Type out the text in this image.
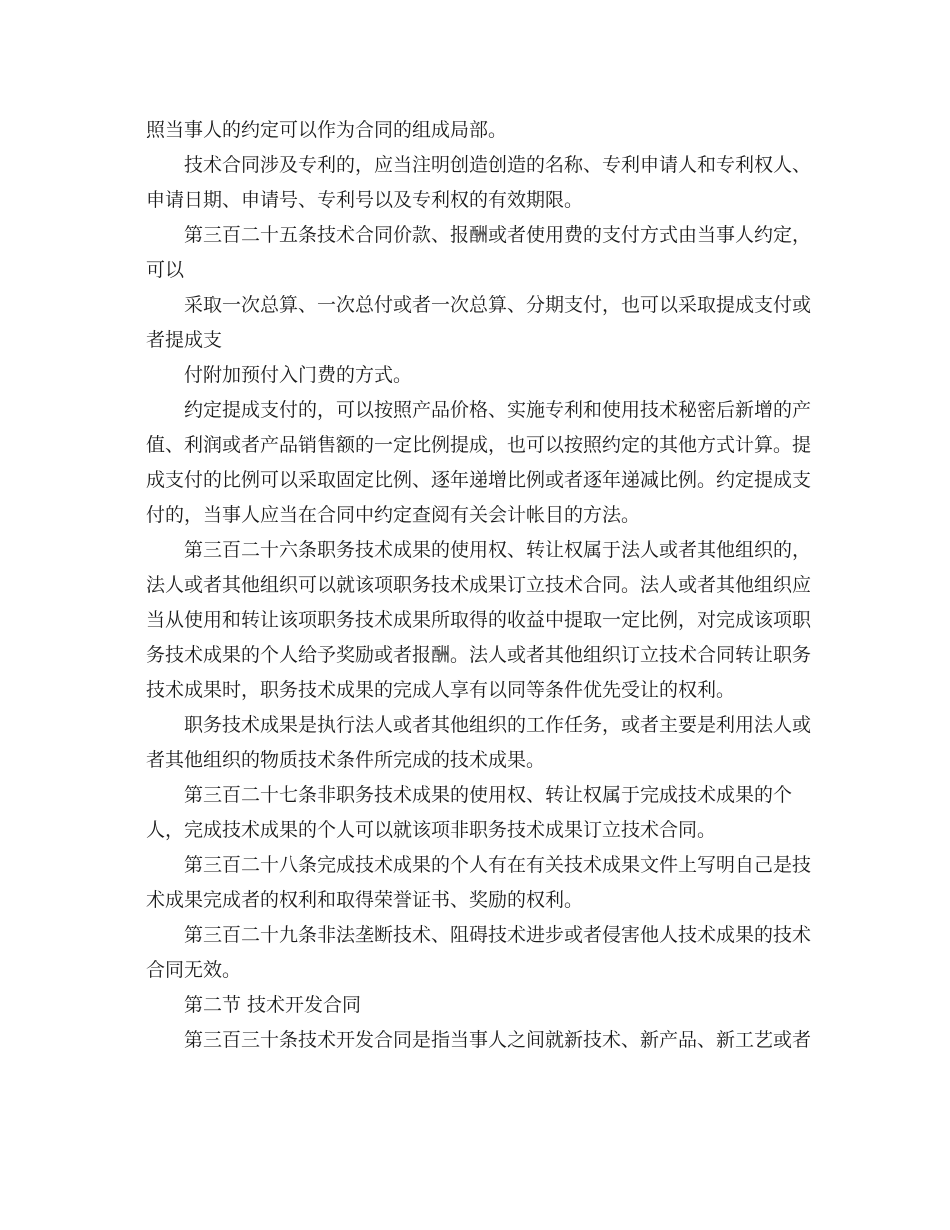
照当事人的约定可以作为合同的组成局部。
技术合同涉及专利的，应当注明创造创造的名称、专利申请人和专利权人、
申请日期、申请号、专利号以及专利权的有效期限。
第三百二十五条技术合同价款、报酬或者使用费的支付方式由当事人约定，
可以
采取一次总算、一次总付或者一次总算、分期支付，也可以采取提成支付或
者提成支
付附加预付入门费的方式。
约定提成支付的，可以按照产品价格、实施专利和使用技术秘密后新增的产
值、利润或者产品销售额的一定比例提成，也可以按照约定的其他方式计算。提
成支付的比例可以采取固定比例、逐年递增比例或者逐年递减比例。约定提成支
付的，当事人应当在合同中约定查阅有关会计帐目的方法。
第三百二十六条职务技术成果的使用权、转让权属于法人或者其他组织的，
法人或者其他组织可以就该项职务技术成果订立技术合同。法人或者其他组织应
当从使用和转让该项职务技术成果所取得的收益中提取一定比例，对完成该项职
务技术成果的个人给予奖励或者报酬。法人或者其他组织订立技术合同转让职务
技术成果时，职务技术成果的完成人享有以同等条件优先受让的权利。
职务技术成果是执行法人或者其他组织的工作任务，或者主要是利用法人或
者其他组织的物质技术条件所完成的技术成果。
第三百二十七条非职务技术成果的使用权、转让权属于完成技术成果的个
人，完成技术成果的个人可以就该项非职务技术成果订立技术合同。
第三百二十八条完成技术成果的个人有在有关技术成果文件上写明自己是技
术成果完成者的权利和取得荣誉证书、奖励的权利。
第三百二十九条非法垄断技术、阻碍技术进步或者侵害他人技术成果的技术
合同无效。
第二节 技术开发合同
第三百三十条技术开发合同是指当事人之间就新技术、新产品、新工艺或者
